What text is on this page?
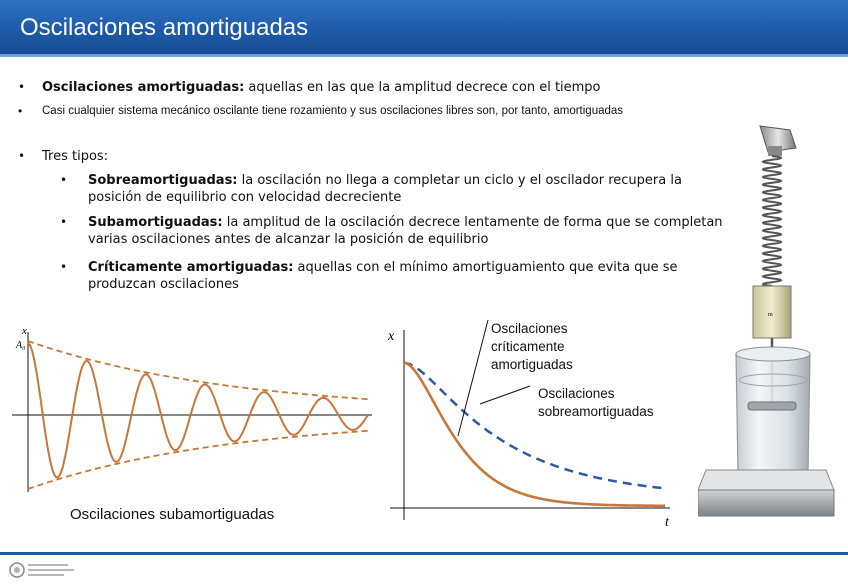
Oscilaciones amortiguadas
• Oscilaciones amortiguadas: aquellas en las que la amplitud decrece con el tiempo
• Casi cualquier sistema mecánico oscilante tiene rozamiento y sus oscilaciones libres son, por tanto, amortiguadas
• Tres tipos:
• Sobreamortiguadas: la oscilación no llega a completar un ciclo y el oscilador recupera la posición de equilibrio con velocidad decreciente
• Subamortiguadas: la amplitud de la oscilación decrece lentamente de forma que se completan varias oscilaciones antes de alcanzar la posición de equilibrio
• Críticamente amortiguadas: aquellas con el mínimo amortiguamiento que evita que se produzcan oscilaciones
x
A₀
Oscilaciones subamortiguadas
x
t
Oscilaciones críticamente amortiguadas
Oscilaciones sobreamortiguadas
m
